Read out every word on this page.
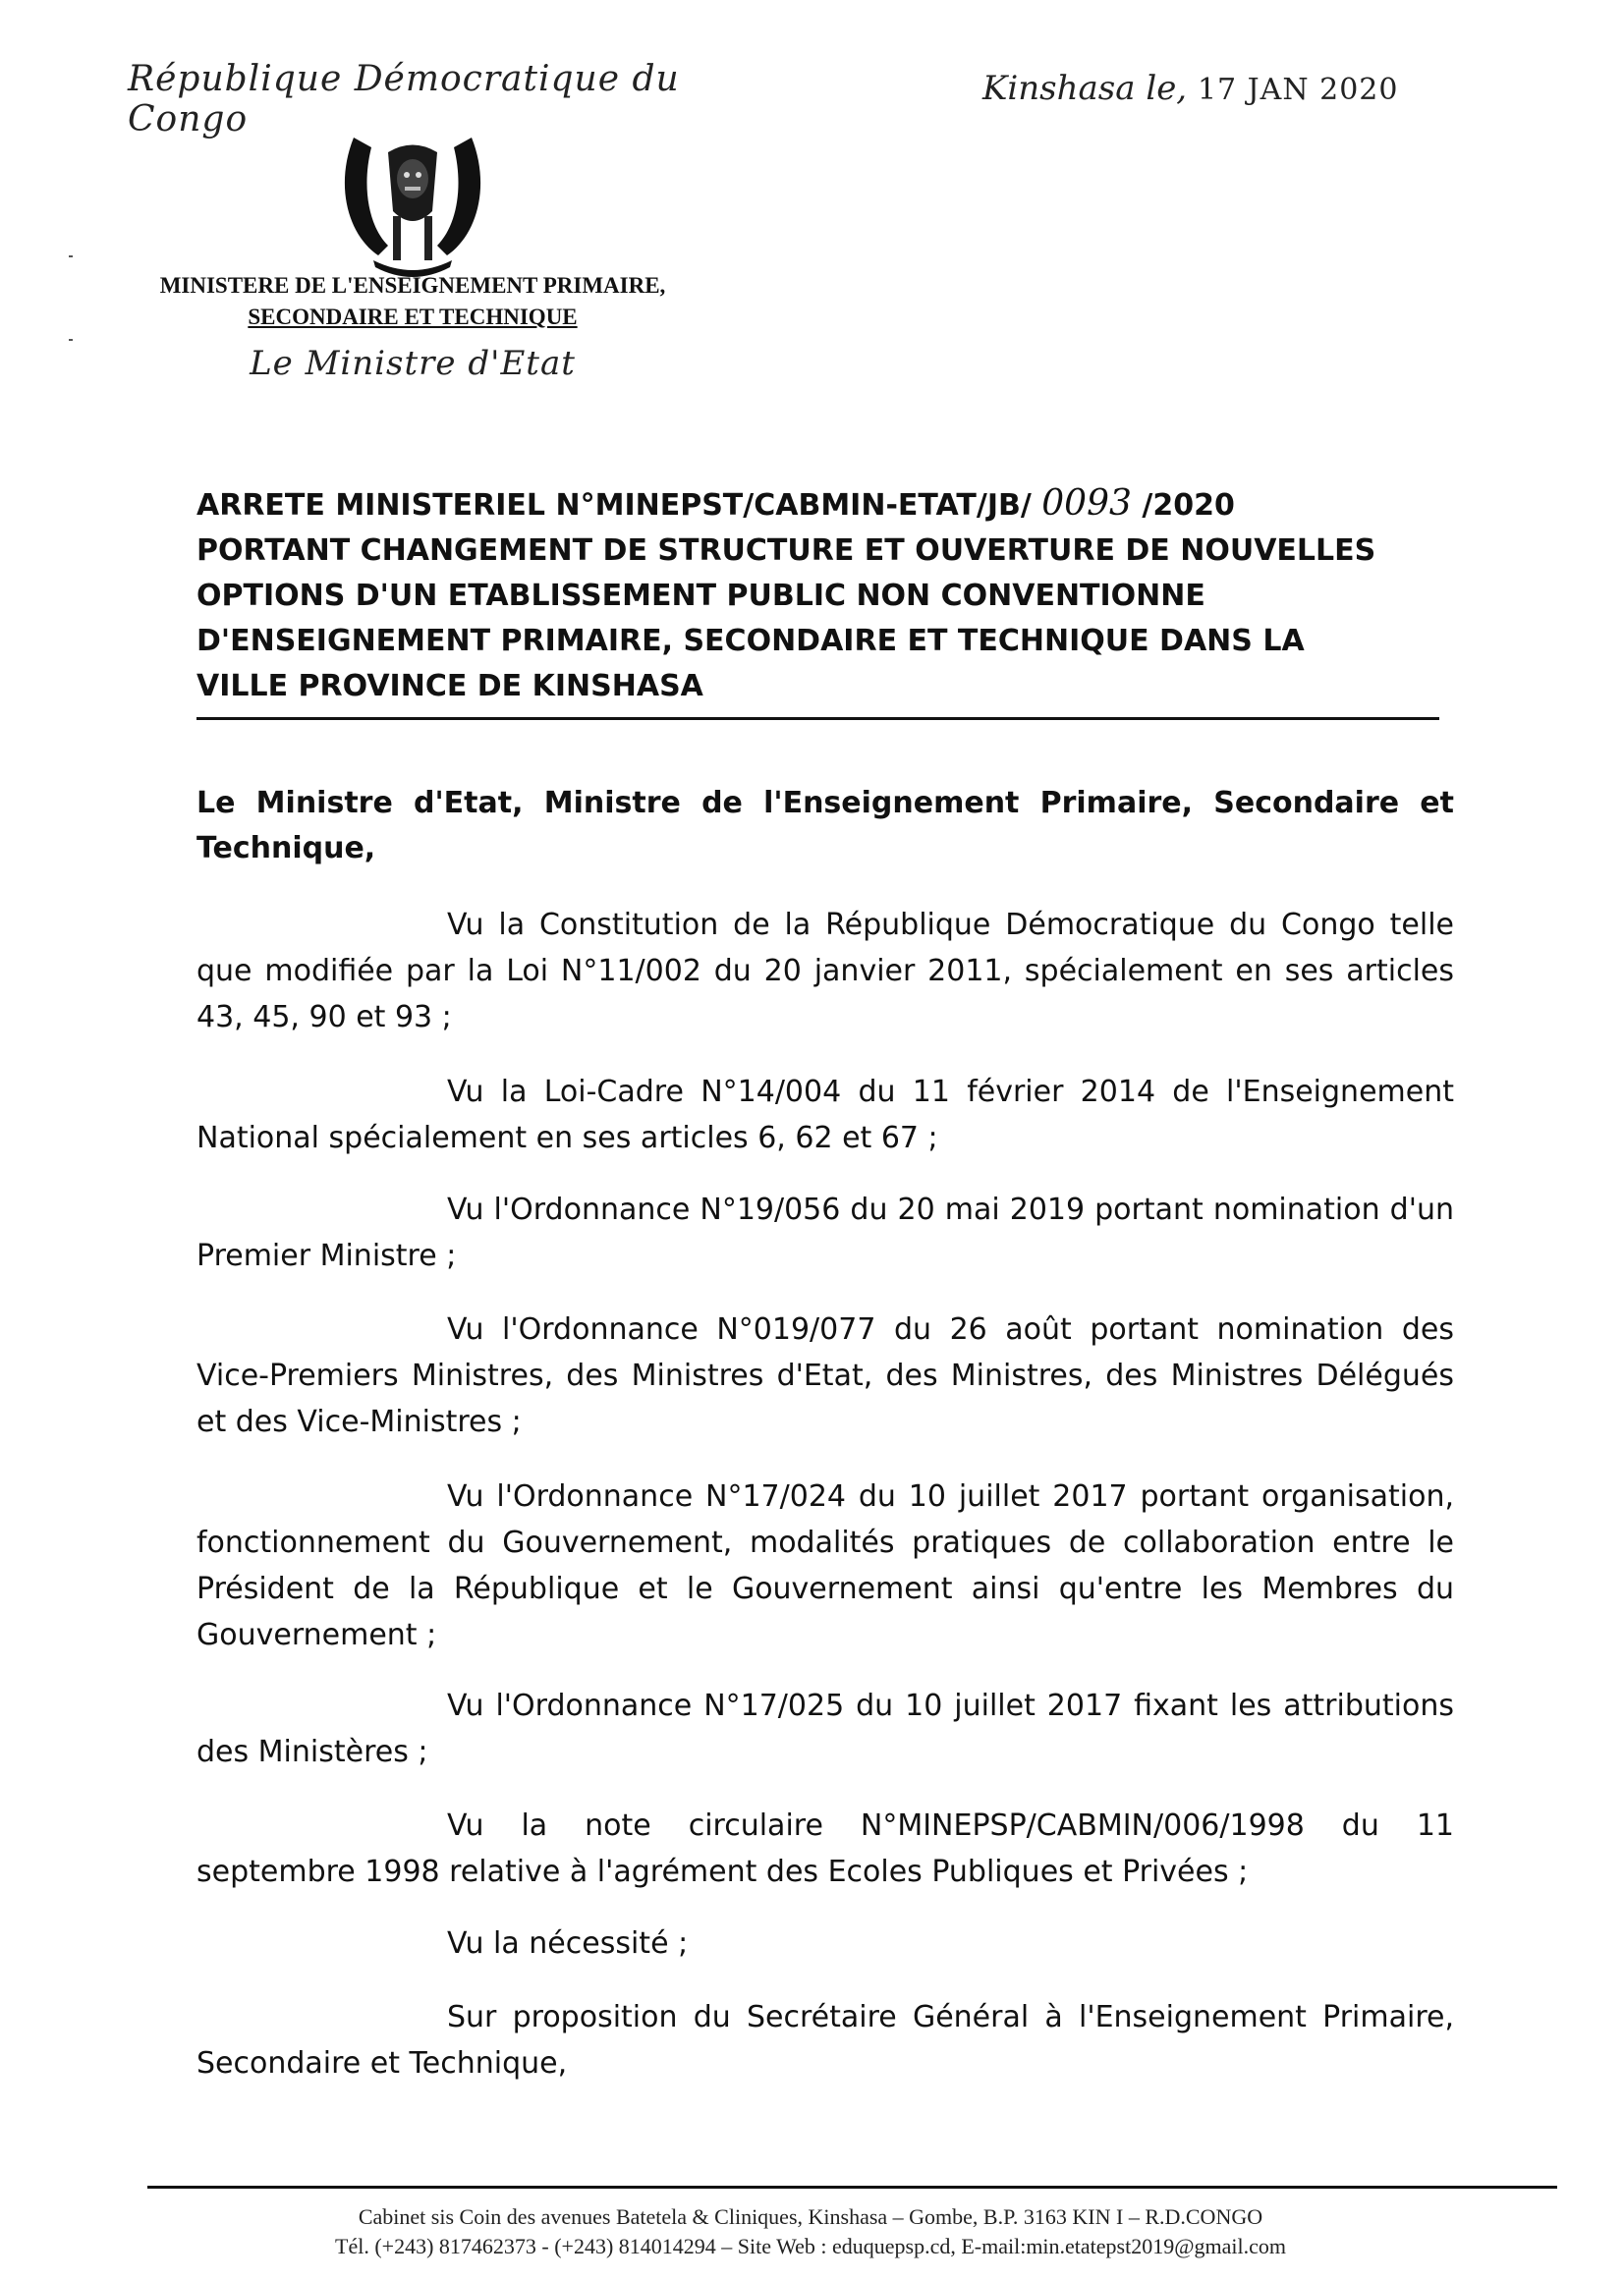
République Démocratique du Congo
MINISTERE DE L'ENSEIGNEMENT PRIMAIRE,
SECONDAIRE ET TECHNIQUE
Le Ministre d'Etat
Kinshasa le, 17 JAN 2020
ARRETE MINISTERIEL N°MINEPST/CABMIN-ETAT/JB/ 0093 /2020
PORTANT CHANGEMENT DE STRUCTURE ET OUVERTURE DE NOUVELLES
OPTIONS D'UN ETABLISSEMENT PUBLIC NON CONVENTIONNE
D'ENSEIGNEMENT PRIMAIRE, SECONDAIRE ET TECHNIQUE DANS LA
VILLE PROVINCE DE KINSHASA
Le Ministre d'Etat, Ministre de l'Enseignement Primaire, Secondaire et Technique,

Vu la Constitution de la République Démocratique du Congo telle que modifiée par la Loi N°11/002 du 20 janvier 2011, spécialement en ses articles 43, 45, 90 et 93 ;

Vu la Loi-Cadre N°14/004 du 11 février 2014 de l'Enseignement National spécialement en ses articles 6, 62 et 67 ;

Vu l'Ordonnance N°19/056 du 20 mai 2019 portant nomination d'un Premier Ministre ;

Vu l'Ordonnance N°019/077 du 26 août portant nomination des Vice-Premiers Ministres, des Ministres d'Etat, des Ministres, des Ministres Délégués et des Vice-Ministres ;

Vu l'Ordonnance N°17/024 du 10 juillet 2017 portant organisation, fonctionnement du Gouvernement, modalités pratiques de collaboration entre le Président de la République et le Gouvernement ainsi qu'entre les Membres du Gouvernement ;

Vu l'Ordonnance N°17/025 du 10 juillet 2017 fixant les attributions des Ministères ;

Vu la note circulaire N°MINEPSP/CABMIN/006/1998 du 11 septembre 1998 relative à l'agrément des Ecoles Publiques et Privées ;

Vu la nécessité ;

Sur proposition du Secrétaire Général à l'Enseignement Primaire, Secondaire et Technique,

Cabinet sis Coin des avenues Batetela & Cliniques, Kinshasa – Gombe, B.P. 3163 KIN I – R.D.CONGO
Tél. (+243) 817462373 - (+243) 814014294 – Site Web : eduquepsp.cd, E-mail:min.etatepst2019@gmail.com
